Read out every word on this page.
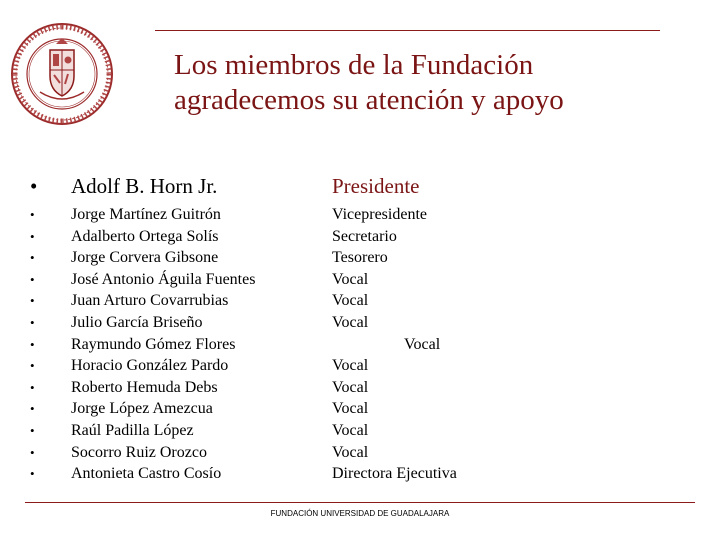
Los miembros de la Fundación
agradecemos su atención y apoyo
• Adolf B. Horn Jr.	Presidente
• Jorge Martínez Guitrón	Vicepresidente
• Adalberto Ortega Solís	Secretario
• Jorge Corvera Gibsone	Tesorero
• José Antonio Águila Fuentes	Vocal
• Juan Arturo Covarrubias	Vocal
• Julio García Briseño	Vocal
• Raymundo Gómez Flores	Vocal
• Horacio González Pardo	Vocal
• Roberto Hemuda Debs	Vocal
• Jorge López Amezcua	Vocal
• Raúl Padilla López	Vocal
• Socorro Ruiz Orozco	Vocal
• Antonieta Castro Cosío	Directora Ejecutiva
FUNDACIÓN UNIVERSIDAD DE GUADALAJARA
